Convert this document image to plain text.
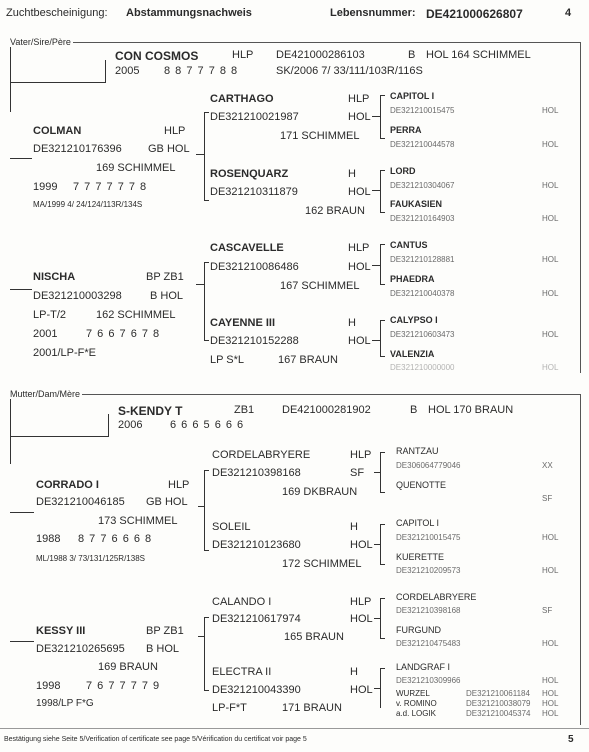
Zuchtbescheinigung: Abstammungsnachweis	Lebensnummer: DE421000626807	4
Vater/Sire/Père
CON COSMOS	HLP DE421000286103	B HOL 164 SCHIMMEL
2005 8 8 7 7 7 8 8	SK/2006 7/ 33/111/103R/116S
COLMAN	HLP
DE321210176396 GB HOL
169 SCHIMMEL
1999 7 7 7 7 7 7 8
MA/1999 4/ 24/124/113R/134S
CARTHAGO	HLP
DE321210021987	HOL
171 SCHIMMEL
ROSENQUARZ	H
DE321210311879	HOL
162 BRAUN
CAPITOL I
DE321210015475	HOL
PERRA
DE321210044578	HOL
LORD
DE321210304067	HOL
FAUKASIEN
DE321210164903	HOL
NISCHA	BP ZB1
DE321210003298	B HOL
LP-T/2	162 SCHIMMEL
2001	7 6 6 7 6 7 8
2001/LP-F*E
CASCAVELLE	HLP
DE321210086486	HOL
167 SCHIMMEL
CAYENNE III	H
DE321210152288	HOL
LP S*L	167 BRAUN
CANTUS
DE321210128881	HOL
PHAEDRA
DE321210040378	HOL
CALYPSO I
DE321210603473	HOL
VALENZIA
DE321210000000	HOL
Mutter/Dam/Mère
S-KENDY T	ZB1	DE421000281902	B HOL 170 BRAUN
2006	6 6 6 5 6 6 6
CORRADO I	HLP
DE321210046185 GB HOL
173 SCHIMMEL
1988 8 7 7 6 6 6 8
ML/1988 3/ 73/131/125R/138S
CORDELABRYERE	HLP
DE321210398168	SF
169 DKBRAUN
SOLEIL	H
DE321210123680	HOL
172 SCHIMMEL
RANTZAU
DE306064779046	XX
QUENOTTE
SF
CAPITOL I
DE321210015475	HOL
KUERETTE
DE321210209573	HOL
KESSY III	BP ZB1
DE321210265695 B HOL
169 BRAUN
1998 7 6 7 7 7 7 9
1998/LP F*G
CALANDO I	HLP
DE321210617974	HOL
165 BRAUN
ELECTRA II	H
DE321210043390	HOL
LP-F*T	171 BRAUN
CORDELABRYERE
DE321210398168	SF
FURGUND
DE321210475483	HOL
LANDGRAF I
DE321210309966	HOL
WURZEL	DE321210061184 HOL
v. ROMINO	DE321210038079 HOL
a.d. LOGIK	DE321210045374 HOL
Bestätigung siehe Seite 5/Verification of certificate see page 5/Vérification du certificat voir page 5	5
